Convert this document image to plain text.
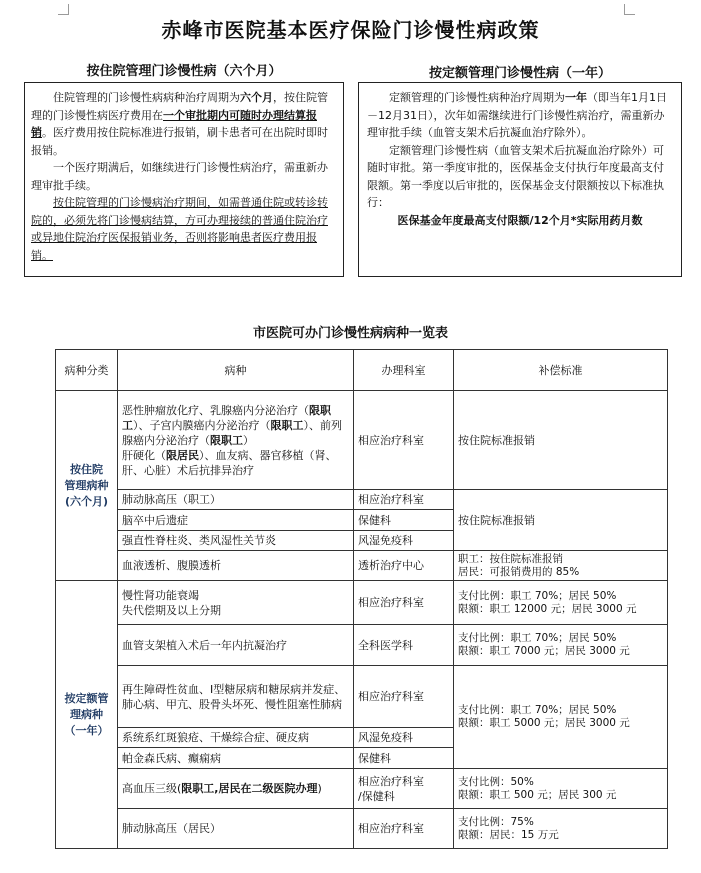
赤峰市医院基本医疗保险门诊慢性病政策
按住院管理门诊慢性病（六个月）	按定额管理门诊慢性病（一年）

住院管理的门诊慢性病病种治疗周期为六个月，按住院管理的门诊慢性病医疗费用在一个审批期内可随时办理结算报销。医疗费用按住院标准进行报销，刷卡患者可在出院时即时报销。

一个医疗期满后，如继续进行门诊慢性病治疗，需重新办理审批手续。

按住院管理的门诊慢病治疗期间，如需普通住院或转诊转院的，必须先将门诊慢病结算，方可办理接续的普通住院治疗或异地住院治疗医保报销业务，否则将影响患者医疗费用报销。

定额管理的门诊慢性病种治疗周期为一年（即当年1月1日－12月31日），次年如需继续进行门诊慢性病治疗，需重新办理审批手续（血管支架术后抗凝血治疗除外）。

定额管理门诊慢性病（血管支架术后抗凝血治疗除外）可随时审批。第一季度审批的，医保基金支付执行年度最高支付限额。第一季度以后审批的，医保基金支付限额按以下标准执行：

医保基金年度最高支付限额/12个月*实际用药月数

市医院可办门诊慢性病病种一览表
病种分类	病种	办理科室	补偿标准

按住院
管理病种
(六个月)	恶性肿瘤放化疗、乳腺癌内分泌治疗（限职工）、子宫内膜癌内分泌治疗（限职工）、前列腺癌内分泌治疗（限职工）
肝硬化（限居民）、血友病、器官移植（肾、肝、心脏）术后抗排异治疗	相应治疗科室	按住院标准报销
	肺动脉高压（职工）	相应治疗科室	按住院标准报销
	脑卒中后遗症	保健科	
	强直性脊柱炎、类风湿性关节炎	风湿免疫科	
	血液透析、腹膜透析	透析治疗中心	职工：按住院标准报销
居民：可报销费用的 85%

按定额管
理病种
（一年）	慢性肾功能衰竭
失代偿期及以上分期	相应治疗科室	支付比例：职工 70%；居民 50%
限额：职工 12000 元；居民 3000 元
	血管支架植入术后一年内抗凝治疗	全科医学科	支付比例：职工 70%；居民 50%
限额：职工 7000 元；居民 3000 元
	再生障碍性贫血、Ⅰ型糖尿病和糖尿病并发症、肺心病、甲亢、股骨头坏死、慢性阻塞性肺病	相应治疗科室	支付比例：职工 70%；居民 50%
限额：职工 5000 元；居民 3000 元
	系统系红斑狼疮、干燥综合症、硬皮病	风湿免疫科	
	帕金森氏病、癫痫病	保健科	
	高血压三级(限职工,居民在二级医院办理)	相应治疗科室
/保健科	支付比例：50%
限额：职工 500 元；居民 300 元
	肺动脉高压（居民）	相应治疗科室	支付比例：75%
限额：居民：15 万元
